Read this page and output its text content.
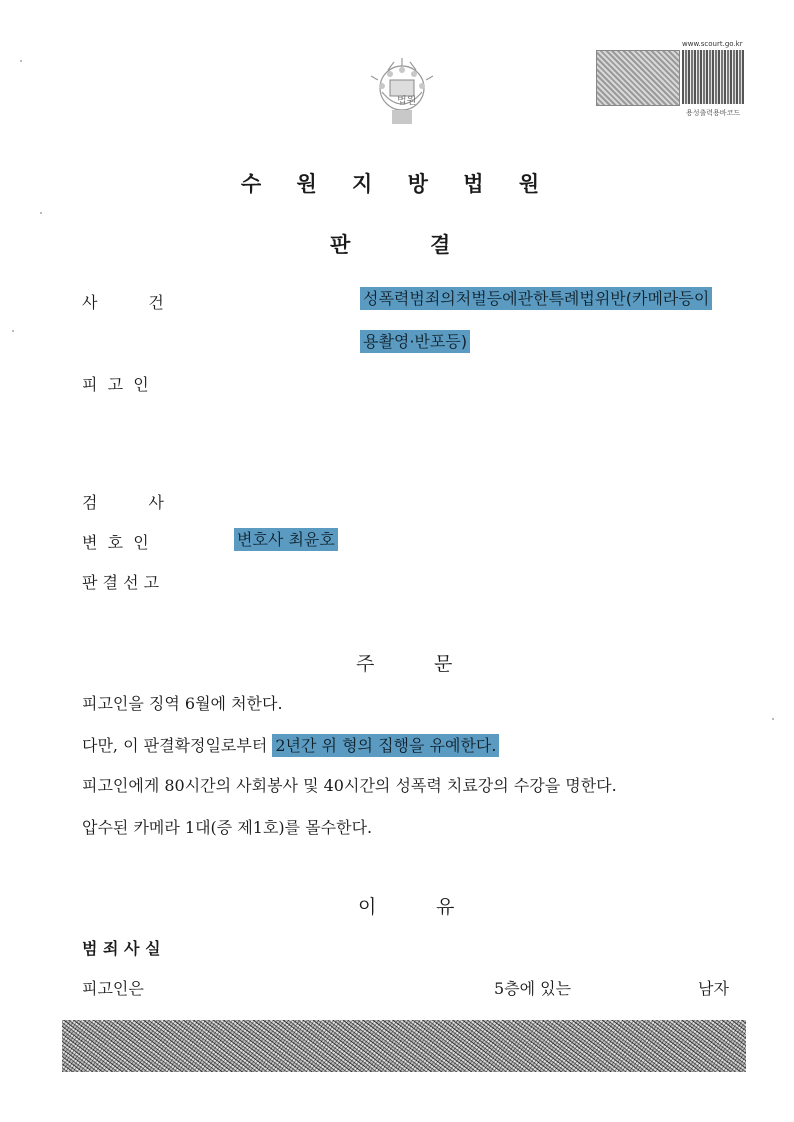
법원
www.scourt.go.kr
용성출력용바코드
수 원 지 방 법 원
판	결
사          건	성폭력범죄의처벌등에관한특례법위반(카메라등이
용촬영·반포등)
피  고  인
검          사
변  호  인	변호사 최윤호
판 결 선 고
주	문
피고인을 징역 6월에 처한다.
다만, 이 판결확정일로부터 2년간 위 형의 집행을 유예한다.
피고인에게 80시간의 사회봉사 및 40시간의 성폭력 치료강의 수강을 명한다.
압수된 카메라 1대(증 제1호)를 몰수한다.
이	유
범 죄 사 실
피고인은	5층에 있는	남자
